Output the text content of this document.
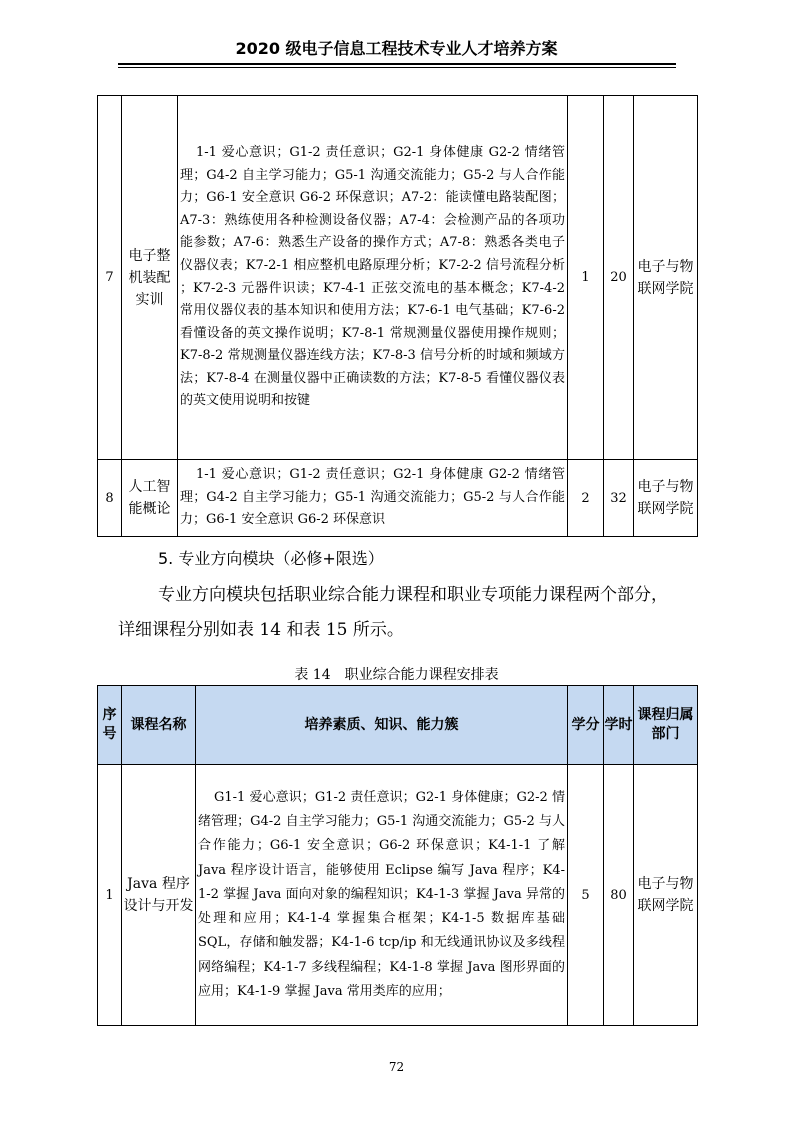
2020 级电子信息工程技术专业人才培养方案
7	电子整机装配实训	1-1 爱心意识；G1-2 责任意识；G2-1 身体健康 G2-2 情绪管理；G4-2 自主学习能力；G5-1 沟通交流能力；G5-2 与人合作能力；G6-1 安全意识 G6-2 环保意识；A7-2：能读懂电路装配图；A7-3：熟练使用各种检测设备仪器；A7-4：会检测产品的各项功能参数；A7-6：熟悉生产设备的操作方式；A7-8：熟悉各类电子仪器仪表；K7-2-1 相应整机电路原理分析；K7-2-2 信号流程分析 ；K7-2-3 元器件识读；K7-4-1 正弦交流电的基本概念；K7-4-2 常用仪器仪表的基本知识和使用方法；K7-6-1 电气基础；K7-6-2 看懂设备的英文操作说明；K7-8-1 常规测量仪器使用操作规则；K7-8-2 常规测量仪器连线方法；K7-8-3 信号分析的时域和频域方法；K7-8-4 在测量仪器中正确读数的方法；K7-8-5 看懂仪器仪表的英文使用说明和按键	1	20	电子与物联网学院
8	人工智能概论	1-1 爱心意识；G1-2 责任意识；G2-1 身体健康 G2-2 情绪管理；G4-2 自主学习能力；G5-1 沟通交流能力；G5-2 与人合作能力；G6-1 安全意识 G6-2 环保意识	2	32	电子与物联网学院
5. 专业方向模块（必修+限选）
专业方向模块包括职业综合能力课程和职业专项能力课程两个部分，详细课程分别如表 14 和表 15 所示。
表 14　职业综合能力课程安排表
序号	课程名称	培养素质、知识、能力簇	学分	学时	课程归属部门
1	Java 程序设计与开发	G1-1 爱心意识；G1-2 责任意识；G2-1 身体健康；G2-2 情绪管理；G4-2 自主学习能力；G5-1 沟通交流能力；G5-2 与人合作能力；G6-1 安全意识；G6-2 环保意识；K4-1-1 了解 Java 程序设计语言，能够使用 Eclipse 编写 Java 程序；K4-1-2 掌握 Java 面向对象的编程知识；K4-1-3 掌握 Java 异常的处理和应用；K4-1-4 掌握集合框架；K4-1-5 数据库基础 SQL，存储和触发器；K4-1-6 tcp/ip 和无线通讯协议及多线程网络编程；K4-1-7 多线程编程；K4-1-8 掌握 Java 图形界面的应用；K4-1-9 掌握 Java 常用类库的应用；	5	80	电子与物联网学院
72
